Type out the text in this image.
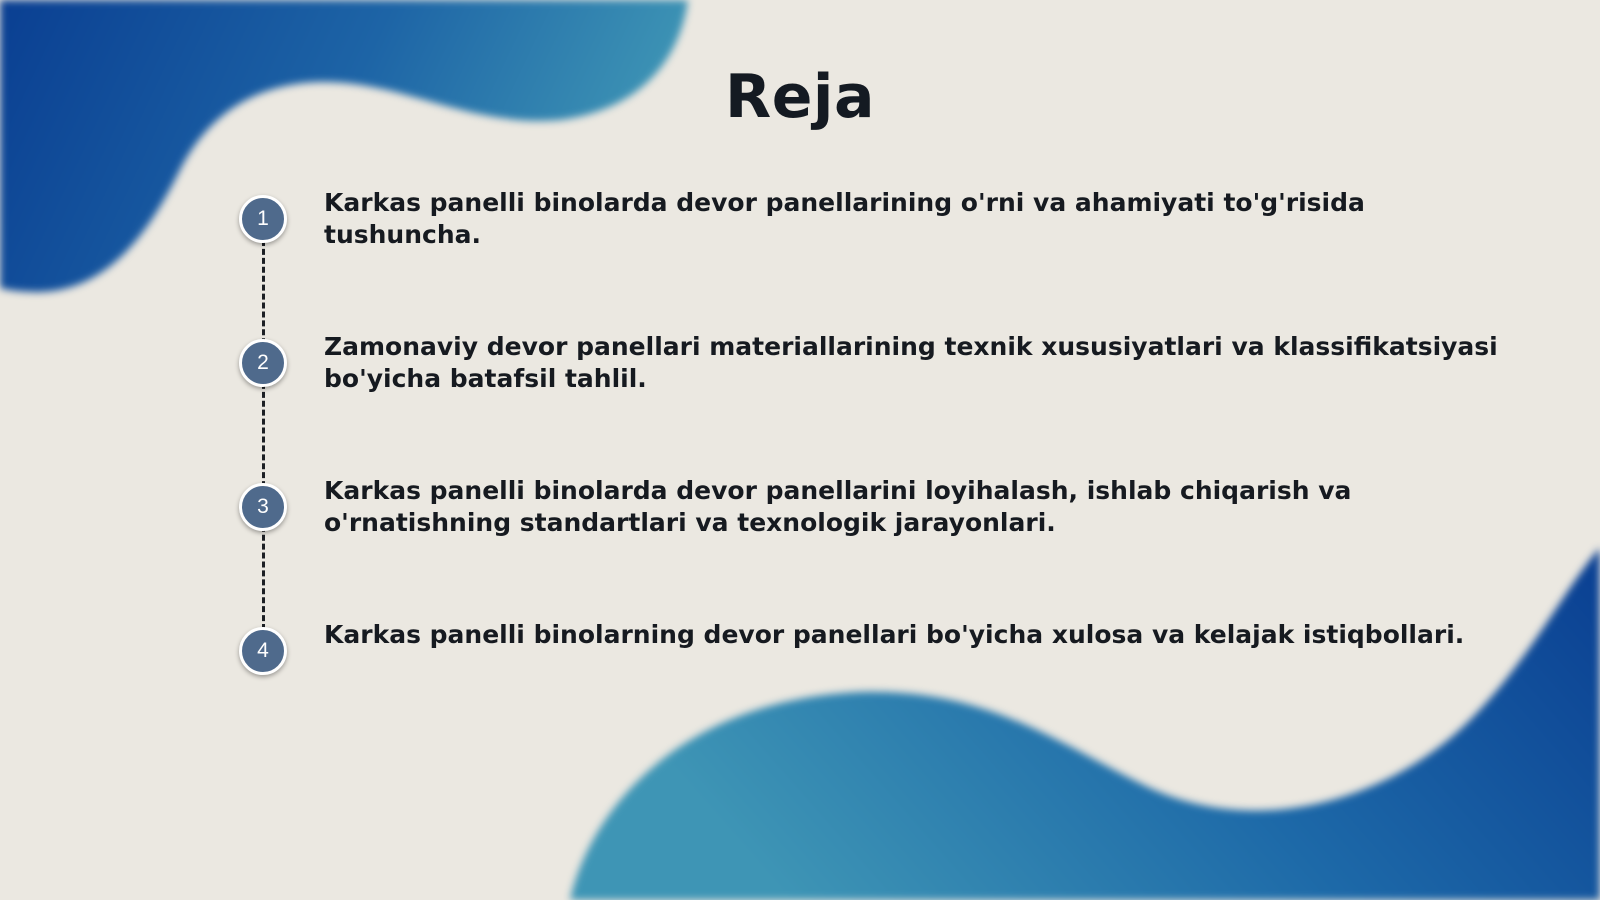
Reja
1
Karkas panelli binolarda devor panellarining o'rni va ahamiyati to'g'risida tushuncha.
2
Zamonaviy devor panellari materiallarining texnik xususiyatlari va klassifikatsiyasi bo'yicha batafsil tahlil.
3
Karkas panelli binolarda devor panellarini loyihalash, ishlab chiqarish va o'rnatishning standartlari va texnologik jarayonlari.
4
Karkas panelli binolarning devor panellari bo'yicha xulosa va kelajak istiqbollari.
